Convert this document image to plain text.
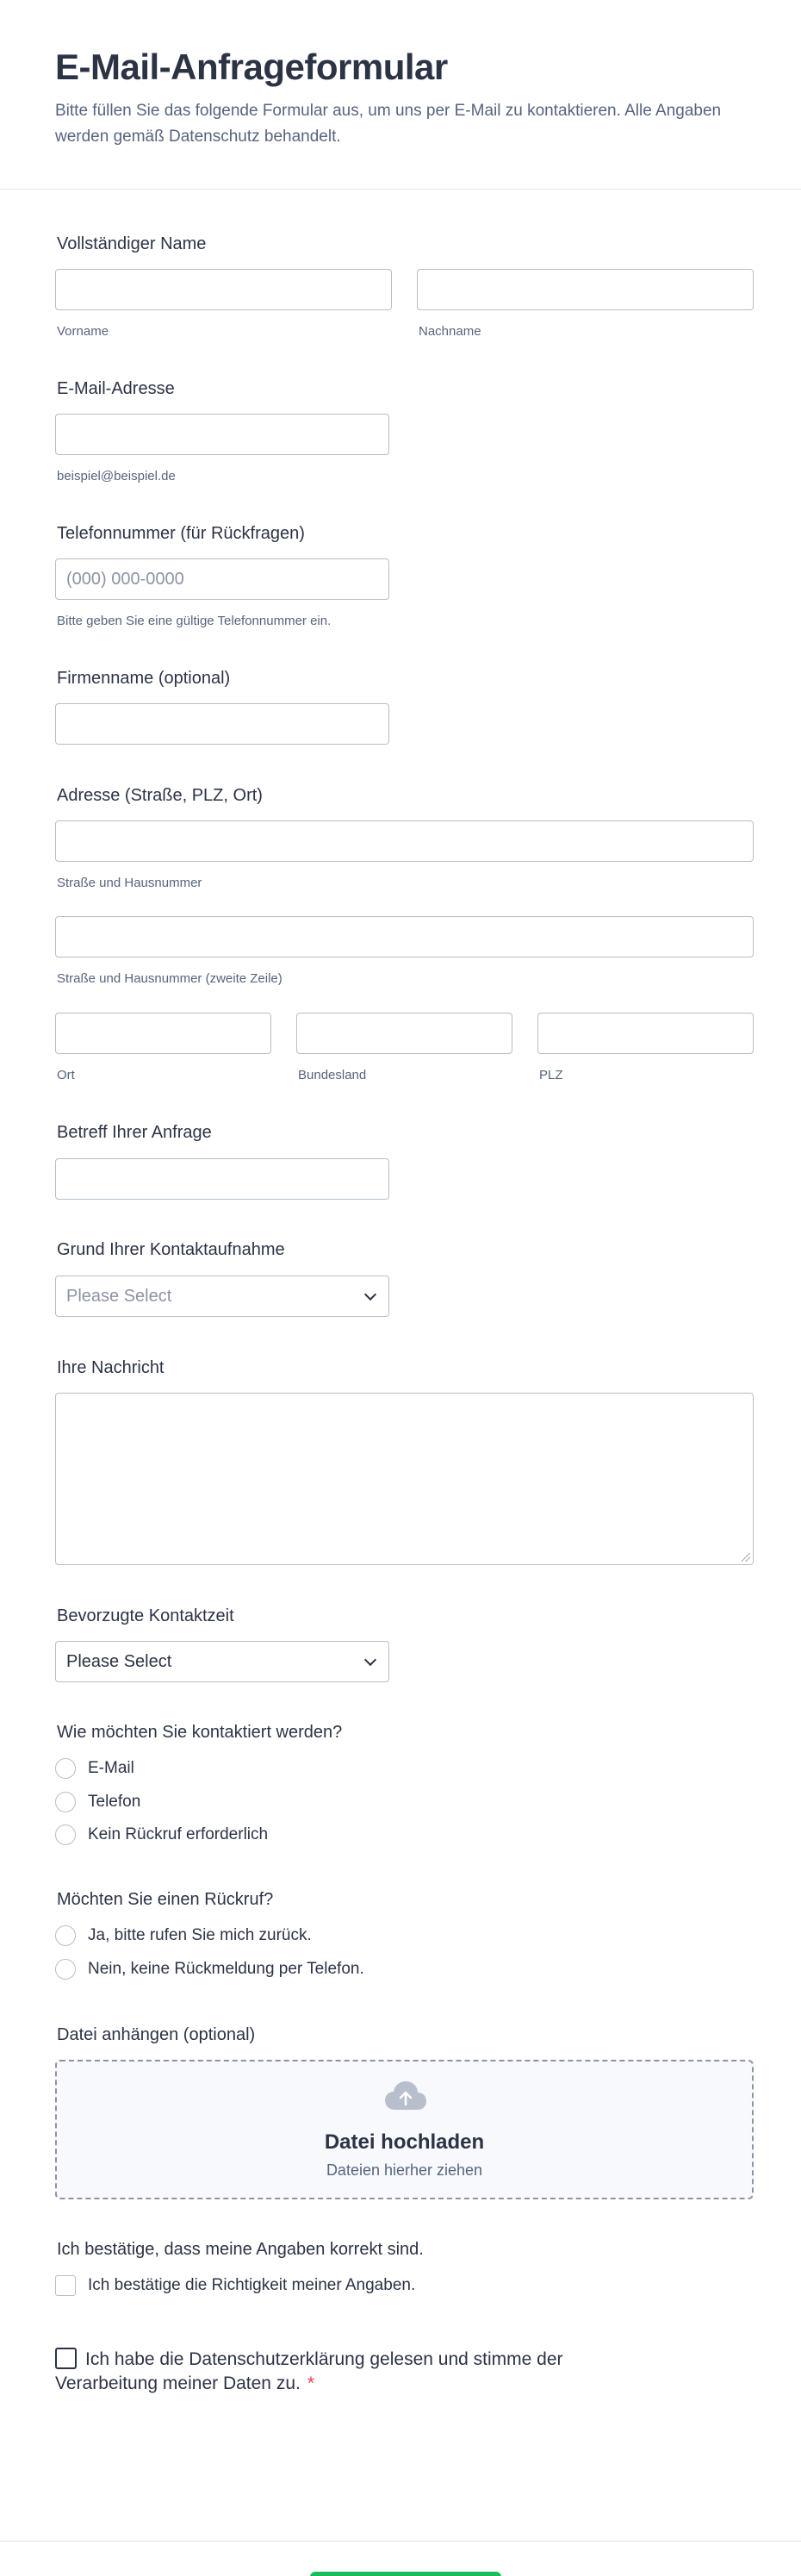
E-Mail-Anfrageformular

Bitte füllen Sie das folgende Formular aus, um uns per E-Mail zu kontaktieren. Alle Angaben werden gemäß Datenschutz behandelt.

Vollständiger Name
Vorname	Nachname
E-Mail-Adresse
beispiel@beispiel.de
Telefonnummer (für Rückfragen)
(000) 000-0000
Bitte geben Sie eine gültige Telefonnummer ein.
Firmenname (optional)
Adresse (Straße, PLZ, Ort)
Straße und Hausnummer
Straße und Hausnummer (zweite Zeile)
Ort	Bundesland	PLZ
Betreff Ihrer Anfrage
Grund Ihrer Kontaktaufnahme
Please Select
Ihre Nachricht
Bevorzugte Kontaktzeit
Please Select
Wie möchten Sie kontaktiert werden?
E-Mail
Telefon
Kein Rückruf erforderlich
Möchten Sie einen Rückruf?
Ja, bitte rufen Sie mich zurück.
Nein, keine Rückmeldung per Telefon.
Datei anhängen (optional)
Datei hochladen
Dateien hierher ziehen
Ich bestätige, dass meine Angaben korrekt sind.
Ich bestätige die Richtigkeit meiner Angaben.
Ich habe die Datenschutzerklärung gelesen und stimme der Verarbeitung meiner Daten zu. *
